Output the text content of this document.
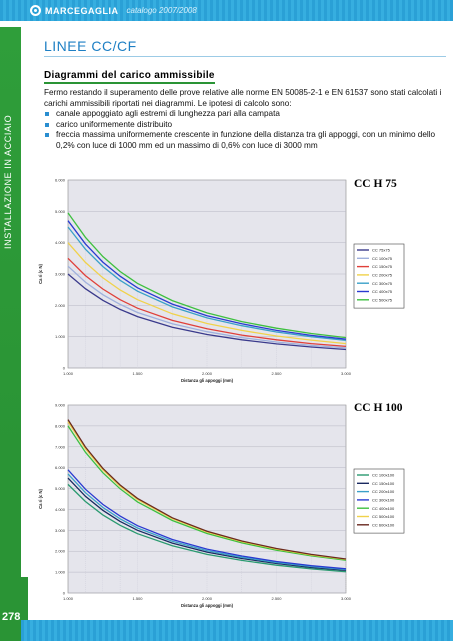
MARCEGAGLIA catalogo 2007/2008
INSTALLAZIONE IN ACCIAIO
278
LINEE CC/CF
Diagrammi del carico ammissibile
Fermo restando il superamento delle prove relative alle norme EN 50085-2-1 e EN 61537 sono stati calcolati i carichi ammissibili riportati nei diagrammi. Le ipotesi di calcolo sono:
canale appoggiato agli estremi di lunghezza pari alla campata
carico uniformemente distribuito
freccia massima uniformemente crescente in funzione della distanza tra gli appoggi, con un minimo dello 0,2% con luce di 1000 mm ed un massimo di 0,6% con luce di 3000 mm
CC H 75
0
1.000
2.000
3.000
4.000
5.000
6.000
1.000	1.500	2.000	2.500	3.000
Distanza gli appoggi (mm)
Ca ri (c N)
CC 75x75
CC 100x75
CC 150x75
CC 200x75
CC 300x75
CC 400x75
CC 500x75
CC H 100
0
1.000
2.000
3.000
4.000
5.000
6.000
7.000
8.000
9.000
1.000	1.500	2.000	2.500	3.000
Distanza gli appoggi (mm)
Ca ri (c N)
CC 100x100
CC 150x100
CC 200x100
CC 300x100
CC 400x100
CC 500x100
CC 600x100
